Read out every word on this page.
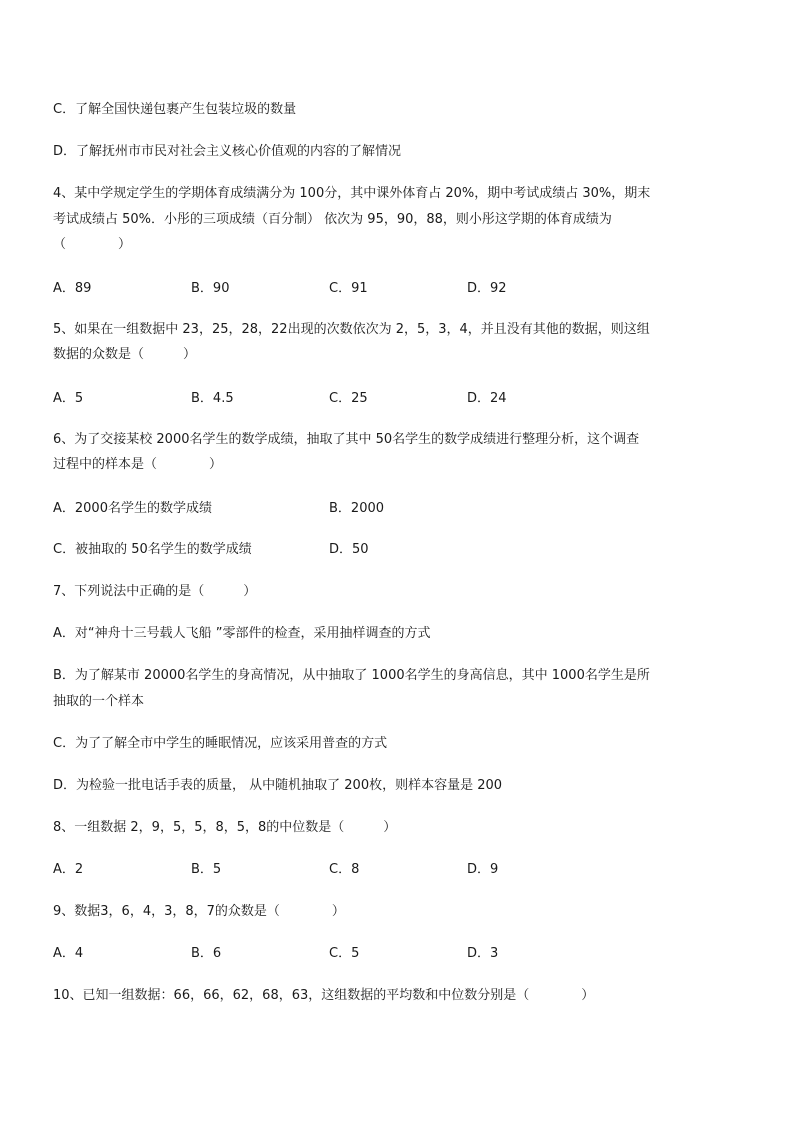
C．了解全国快递包裹产生包装垃圾的数量
D．了解抚州市市民对社会主义核心价值观的内容的了解情况
4、某中学规定学生的学期体育成绩满分为 100分，其中课外体育占 20%，期中考试成绩占 30%，期末
考试成绩占 50%．小彤的三项成绩（百分制） 依次为 95，90，88，则小彤这学期的体育成绩为
（　　　　）
A．89	B．90	C．91	D．92
5、如果在一组数据中 23，25，28，22出现的次数依次为 2，5，3，4，并且没有其他的数据，则这组
数据的众数是（　　　）
A．5	B．4.5	C．25	D．24
6、为了交接某校 2000名学生的数学成绩，抽取了其中 50名学生的数学成绩进行整理分析，这个调查
过程中的样本是（　　　　）
A．2000名学生的数学成绩	B．2000
C．被抽取的 50名学生的数学成绩	D．50
7、下列说法中正确的是（　　　）
A．对“神舟十三号载人飞船 ”零部件的检查，采用抽样调查的方式
B．为了解某市 20000名学生的身高情况，从中抽取了 1000名学生的身高信息，其中 1000名学生是所
抽取的一个样本
C．为了了解全市中学生的睡眠情况，应该采用普查的方式
D．为检验一批电话手表的质量， 从中随机抽取了 200枚，则样本容量是 200
8、一组数据 2，9，5，5，8，5，8的中位数是（　　　）
A．2	B．5	C．8	D．9
9、数据3，6，4，3，8，7的众数是（　　　　）
A．4	B．6	C．5	D．3
10、已知一组数据：66，66，62，68，63，这组数据的平均数和中位数分别是（　　　　）
